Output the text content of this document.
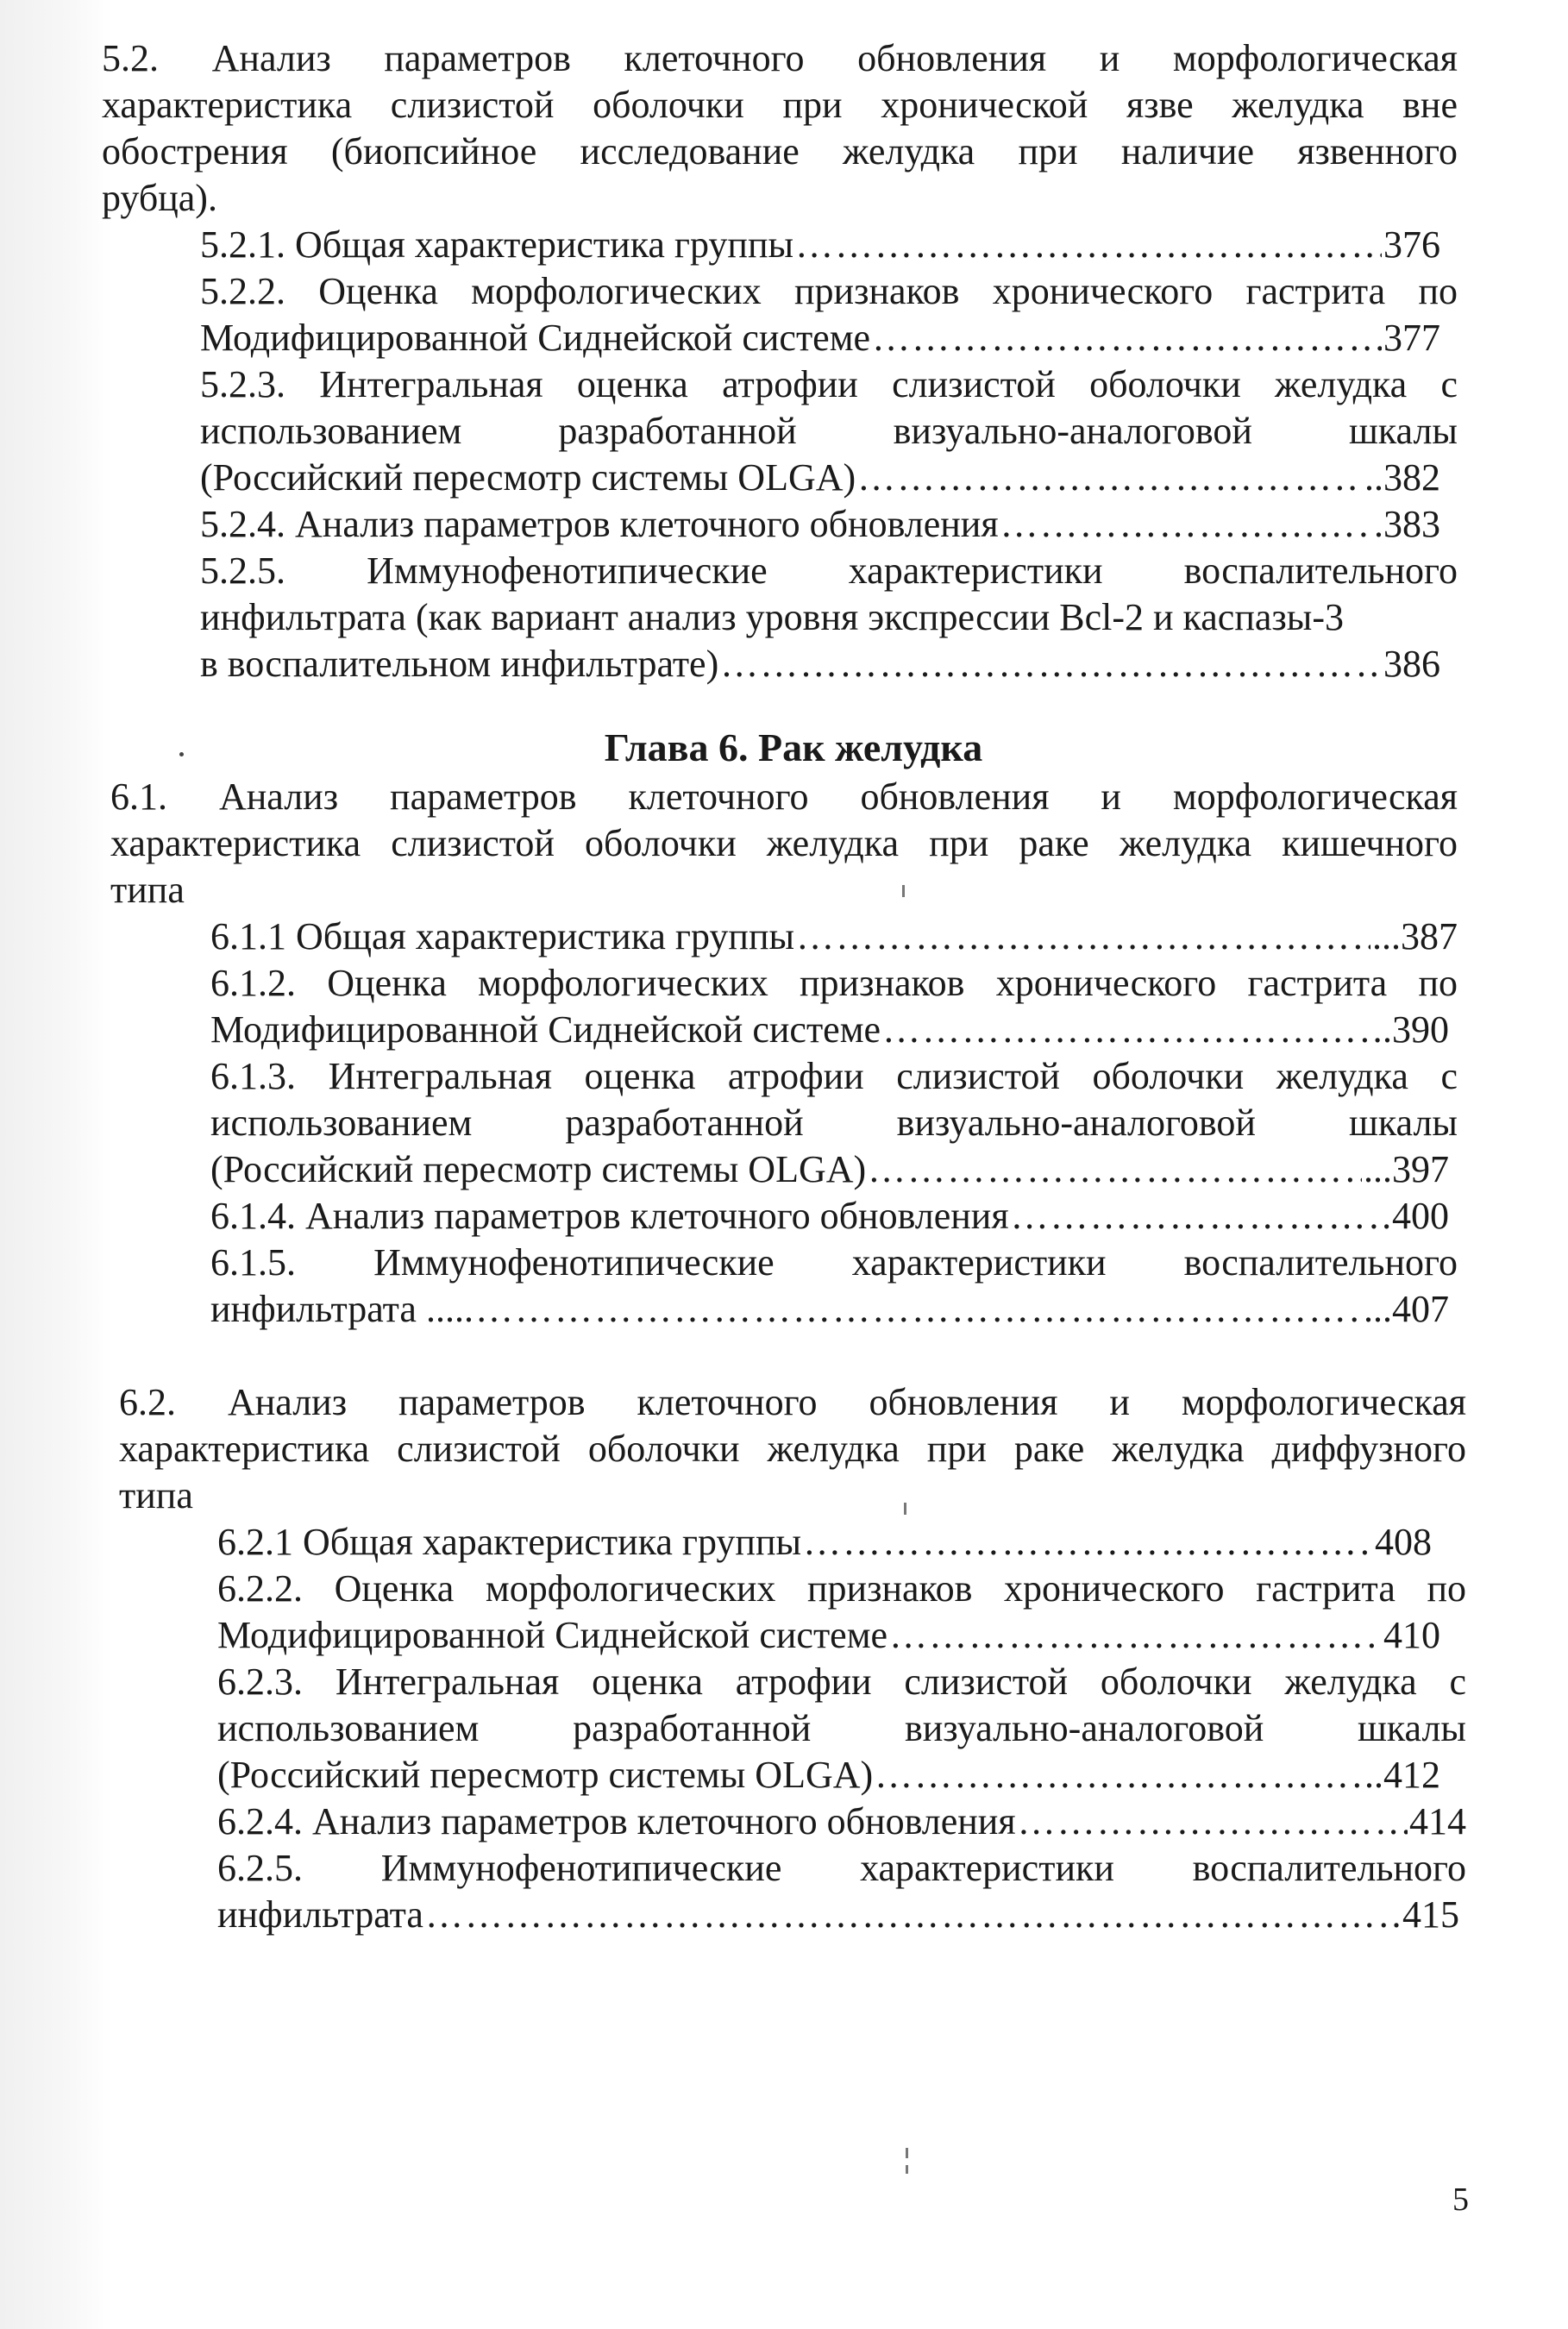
5.2. Анализ параметров клеточного обновления и морфологическая
характеристика слизистой оболочки при хронической язве желудка вне
обострения (биопсийное исследование желудка при наличие язвенного
рубца).
5.2.1. Общая характеристика группы ………………………………………………………………………………………………………………………………………………………	376
5.2.2. Оценка морфологических признаков хронического гастрита по
Модифицированной Сиднейской системе ………………………………………………………………………………………………………………………………………………………	377
5.2.3. Интегральная оценка атрофии слизистой оболочки желудка с
использованием разработанной визуально-аналоговой шкалы
(Российский пересмотр системы OLGA) ………………………………………………………………………………………………………………………………………………………	..382
5.2.4. Анализ параметров клеточного обновления ………………………………………………………………………………………………………………………………………………………	.383
5.2.5. Иммунофенотипические характеристики воспалительного
инфильтрата (как вариант анализ уровня экспрессии Bcl-2 и каспазы-3
в воспалительном инфильтрате) ………………………………………………………………………………………………………………………………………………………	386
Глава 6. Рак желудка
6.1. Анализ параметров клеточного обновления и морфологическая
характеристика слизистой оболочки желудка при раке желудка кишечного
типа
6.1.1 Общая характеристика группы ………………………………………………………………………………………………………………………………………………………	...387
6.1.2. Оценка морфологических признаков хронического гастрита по
Модифицированной Сиднейской системе ………………………………………………………………………………………………………………………………………………………	.390
6.1.3. Интегральная оценка атрофии слизистой оболочки желудка с
использованием разработанной визуально-аналоговой шкалы
(Российский пересмотр системы OLGA) ………………………………………………………………………………………………………………………………………………………	...397
6.1.4. Анализ параметров клеточного обновления ………………………………………………………………………………………………………………………………………………………	400
6.1.5. Иммунофенотипические характеристики воспалительного
инфильтрата ..... ………………………………………………………………………………………………………………………………………………………	...407
6.2. Анализ параметров клеточного обновления и морфологическая
характеристика слизистой оболочки желудка при раке желудка диффузного
типа
6.2.1 Общая характеристика группы ………………………………………………………………………………………………………………………………………………………	408
6.2.2. Оценка морфологических признаков хронического гастрита по
Модифицированной Сиднейской системе ………………………………………………………………………………………………………………………………………………………	410
6.2.3. Интегральная оценка атрофии слизистой оболочки желудка с
использованием разработанной визуально-аналоговой шкалы
(Российский пересмотр системы OLGA) ………………………………………………………………………………………………………………………………………………………	..412
6.2.4. Анализ параметров клеточного обновления ………………………………………………………………………………………………………………………………………………………	414
6.2.5. Иммунофенотипические характеристики воспалительного
инфильтрата ………………………………………………………………………………………………………………………………………………………	415
5
